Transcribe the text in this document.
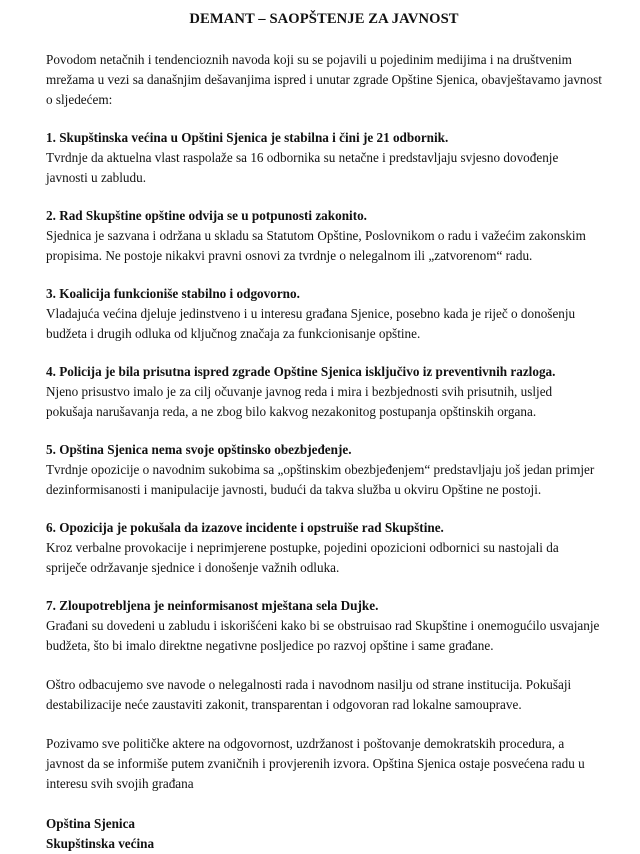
DEMANT – SAOPŠTENJE ZA JAVNOST

Povodom netačnih i tendencioznih navoda koji su se pojavili u pojedinim medijima i na društvenim mrežama u vezi sa današnjim dešavanjima ispred i unutar zgrade Opštine Sjenica, obavještavamo javnost o sljedećem:

1. Skupštinska većina u Opštini Sjenica je stabilna i čini je 21 odbornik.

Tvrdnje da aktuelna vlast raspolaže sa 16 odbornika su netačne i predstavljaju svjesno dovođenje javnosti u zabludu.

2. Rad Skupštine opštine odvija se u potpunosti zakonito.

Sjednica je sazvana i održana u skladu sa Statutom Opštine, Poslovnikom o radu i važećim zakonskim propisima. Ne postoje nikakvi pravni osnovi za tvrdnje o nelegalnom ili „zatvorenom“ radu.

3. Koalicija funkcioniše stabilno i odgovorno.

Vladajuća većina djeluje jedinstveno i u interesu građana Sjenice, posebno kada je riječ o donošenju budžeta i drugih odluka od ključnog značaja za funkcionisanje opštine.

4. Policija je bila prisutna ispred zgrade Opštine Sjenica isključivo iz preventivnih razloga.

Njeno prisustvo imalo je za cilj očuvanje javnog reda i mira i bezbjednosti svih prisutnih, usljed pokušaja narušavanja reda, a ne zbog bilo kakvog nezakonitog postupanja opštinskih organa.

5. Opština Sjenica nema svoje opštinsko obezbjeđenje.

Tvrdnje opozicije o navodnim sukobima sa „opštinskim obezbjeđenjem“ predstavljaju još jedan primjer dezinformisanosti i manipulacije javnosti, budući da takva služba u okviru Opštine ne postoji.

6. Opozicija je pokušala da izazove incidente i opstruiše rad Skupštine.

Kroz verbalne provokacije i neprimjerene postupke, pojedini opozicioni odbornici su nastojali da spriječe održavanje sjednice i donošenje važnih odluka.

7. Zloupotrebljena je neinformisanost mještana sela Dujke.

Građani su dovedeni u zabludu i iskorišćeni kako bi se obstruisao rad Skupštine i onemogućilo usvajanje budžeta, što bi imalo direktne negativne posljedice po razvoj opštine i same građane.

Oštro odbacujemo sve navode o nelegalnosti rada i navodnom nasilju od strane institucija. Pokušaji destabilizacije neće zaustaviti zakonit, transparentan i odgovoran rad lokalne samouprave.

Pozivamo sve političke aktere na odgovornost, uzdržanost i poštovanje demokratskih procedura, a javnost da se informiše putem zvaničnih i provjerenih izvora. Opština Sjenica ostaje posvećena radu u interesu svih svojih građana

Opština Sjenica
Skupštinska većina
